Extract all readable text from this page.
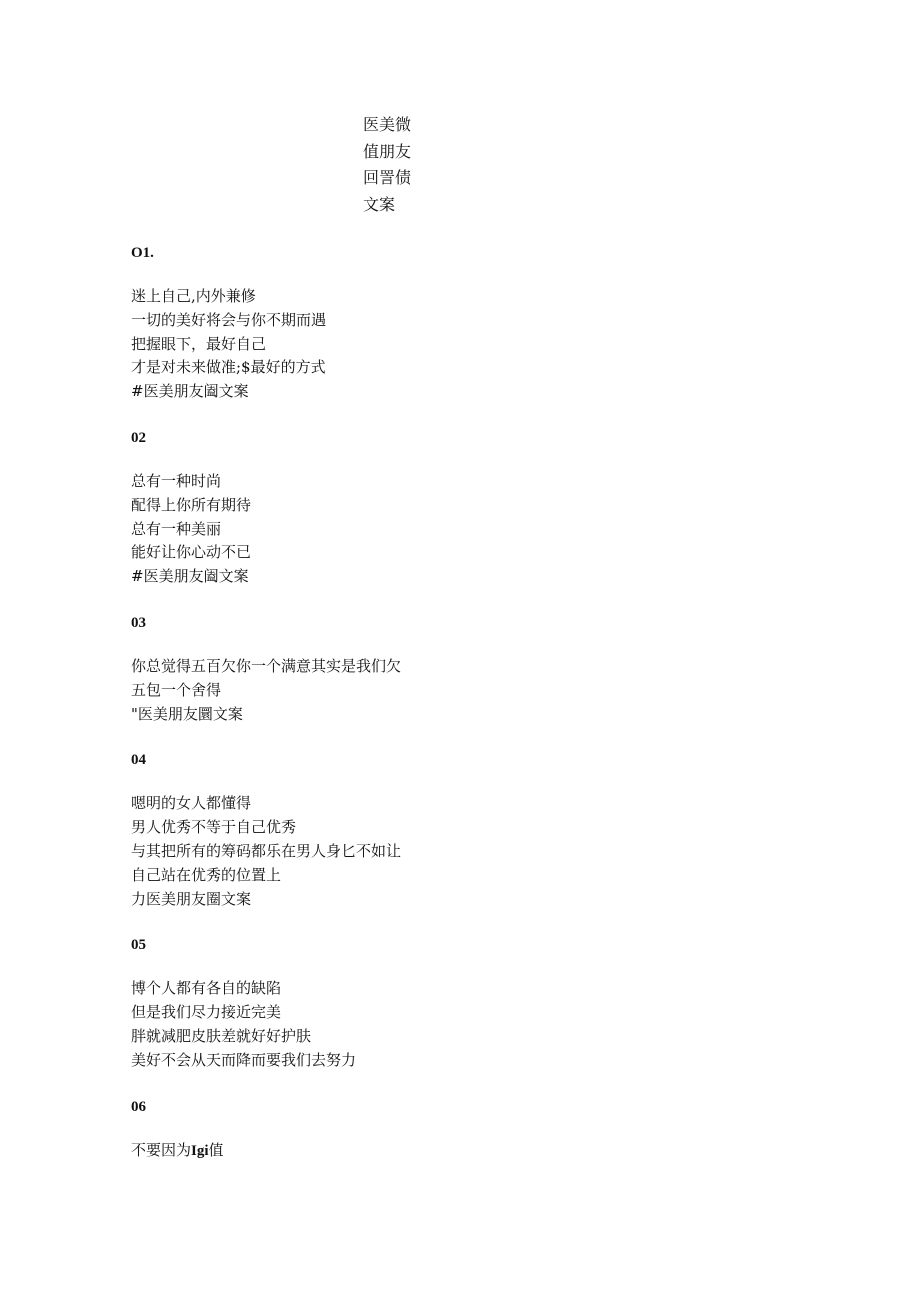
医美微
值朋友
回詈债
文案
O1.
迷上自己,内外兼修
一切的美好将会与你不期而遇
把握眼下，最好自己
才是对未来做准;$最好的方式
#医美朋友阖文案
02
总有一种时尚
配得上你所有期待
总有一种美丽
能好让你心动不已
#医美朋友阖文案
03
你总觉得五百欠你一个满意其实是我们欠
五包一个舍得
"医美朋友圜文案
04
嗯明的女人都懂得
男人优秀不等于自己优秀
与其把所有的筹码都乐在男人身匕不如让
自己站在优秀的位置上
力医美朋友圈文案
05
博个人都有各自的缺陷
但是我们尽力接近完美
胖就减肥皮肤差就好好护肤
美好不会从天而降而要我们去努力
06
不要因为Igi值
